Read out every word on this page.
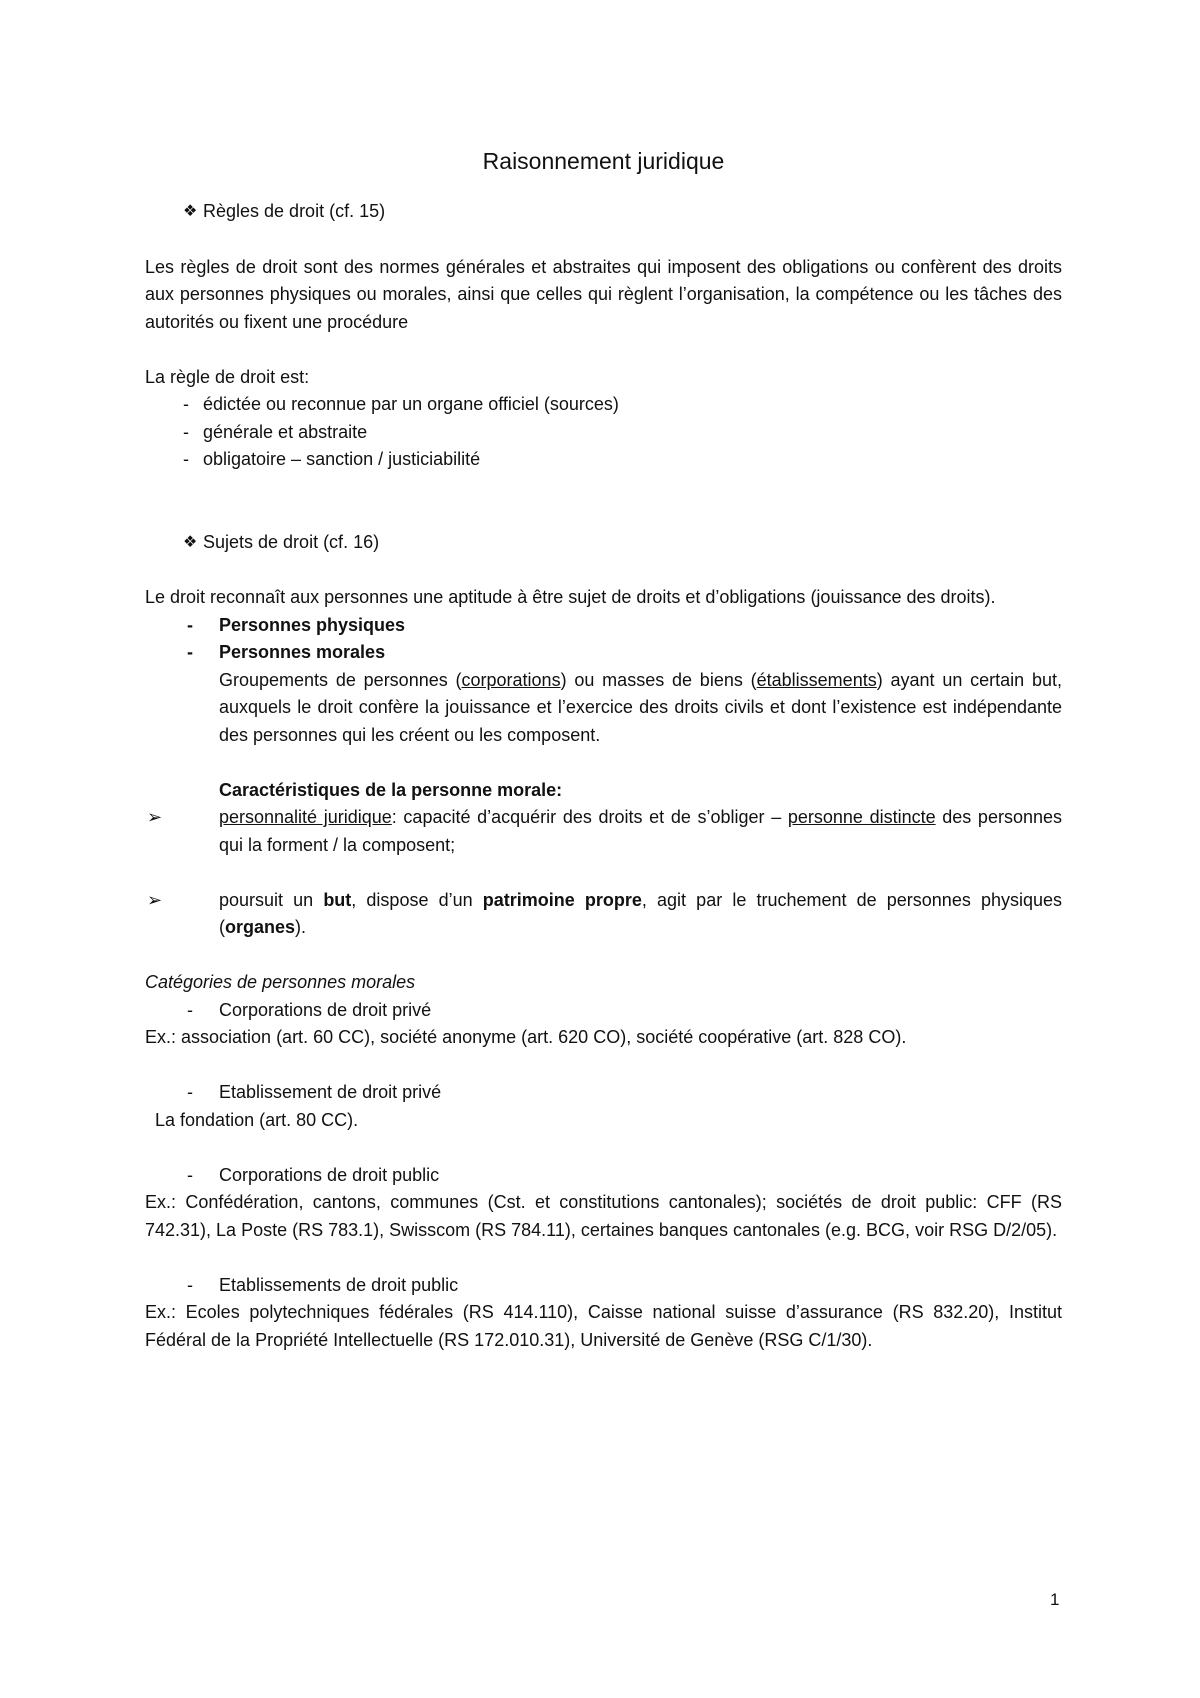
Raisonnement juridique
❖ Règles de droit (cf. 15)

Les règles de droit sont des normes générales et abstraites qui imposent des obligations ou confèrent des droits aux personnes physiques ou morales, ainsi que celles qui règlent l’organisation, la compétence ou les tâches des autorités ou fixent une procédure

La règle de droit est:

- édictée ou reconnue par un organe officiel (sources)
- générale et abstraite
- obligatoire – sanction / justiciabilité
❖ Sujets de droit (cf. 16)

Le droit reconnaît aux personnes une aptitude à être sujet de droits et d’obligations (jouissance des droits).

- Personnes physiques
- Personnes morales

Groupements de personnes (corporations) ou masses de biens (établissements) ayant un certain but, auxquels le droit confère la jouissance et l’exercice des droits civils et dont l’existence est indépendante des personnes qui les créent ou les composent.

Caractéristiques de la personne morale:

➢	personnalité juridique: capacité d’acquérir des droits et de s’obliger – personne distincte des personnes qui la forment / la composent;
➢	poursuit un but, dispose d’un patrimoine propre, agit par le truchement de personnes physiques (organes).

Catégories de personnes morales

- Corporations de droit privé

Ex.: association (art. 60 CC), société anonyme (art. 620 CO), société coopérative (art. 828 CO).

- Etablissement de droit privé

La fondation (art. 80 CC).

- Corporations de droit public

Ex.: Confédération, cantons, communes (Cst. et constitutions cantonales); sociétés de droit public: CFF (RS 742.31), La Poste (RS 783.1), Swisscom (RS 784.11), certaines banques cantonales (e.g. BCG, voir RSG D/2/05).

- Etablissements de droit public

Ex.: Ecoles polytechniques fédérales (RS 414.110), Caisse national suisse d’assurance (RS 832.20), Institut Fédéral de la Propriété Intellectuelle (RS 172.010.31), Université de Genève (RSG C/1/30).

1
